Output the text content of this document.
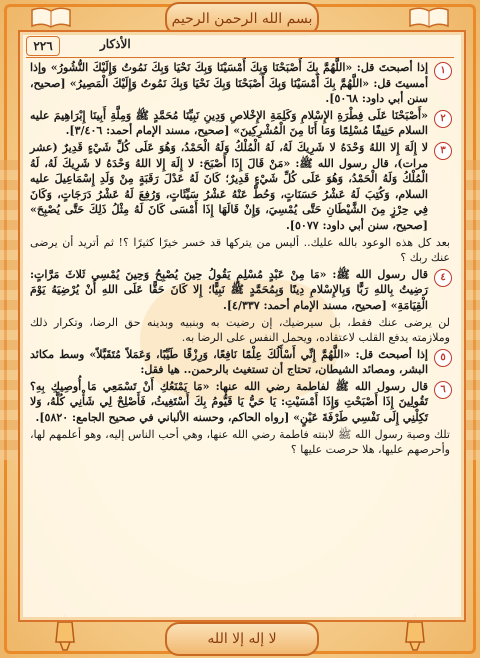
بسم الله الرحمن الرحيم
٢٢٦	الأذكار
١
إذا أصبحتَ قل: «اللَّهُمَّ بِكَ أَصْبَحْنَا وَبِكَ أَمْسَيْنَا وَبِكَ نَحْيَا وَبِكَ نَمُوتُ وَإِلَيْكَ النُّشُورُ» وإذا أمسيتَ قل: «اللَّهُمَّ بِكَ أَمْسَيْنَا وَبِكَ أَصْبَحْنَا وَبِكَ نَحْيَا وَبِكَ نَمُوتُ وَإِلَيْكَ الْمَصِيرُ» [صحيح، سنن أبي داود: ٥٠٦٨].
٢
«أَصْبَحْنَا عَلَى فِطْرَةِ الإِسْلامِ وَكَلِمَةِ الإِخْلاصِ وَدِينِ نَبِيِّنَا مُحَمَّدٍ ﷺ وَمِلَّةِ أَبِينَا إِبْرَاهِيمَ عليه السلام حَنِيفًا مُسْلِمًا وَمَا أَنَا مِنَ الْمُشْرِكِينَ» [صحيح، مسند الإمام أحمد: ٣/٤٠٦].
٣
لا إِلَهَ إِلا اللهُ وَحْدَهُ لا شَرِيكَ لَهُ، لَهُ الْمُلْكُ وَلَهُ الْحَمْدُ، وَهُوَ عَلَى كُلِّ شَيْءٍ قَدِيرٌ (عشر مرات)، قال رسول الله ﷺ: «مَنْ قَالَ إِذَا أَصْبَحَ: لا إِلَهَ إِلا اللهُ وَحْدَهُ لا شَرِيكَ لَهُ، لَهُ الْمُلْكُ وَلَهُ الْحَمْدُ، وَهُوَ عَلَى كُلِّ شَيْءٍ قَدِيرٌ؛ كَانَ لَهُ عَدْلَ رَقَبَةٍ مِنْ وَلَدِ إِسْمَاعِيلَ عليه السلام، وَكُتِبَ لَهُ عَشْرُ حَسَنَاتٍ، وَحُطَّ عَنْهُ عَشْرُ سَيِّئَاتٍ، وَرُفِعَ لَهُ عَشْرُ دَرَجَاتٍ، وَكَانَ فِي حِرْزٍ مِنَ الشَّيْطَانِ حَتَّى يُمْسِيَ، وَإِنْ قَالَهَا إِذَا أَمْسَى كَانَ لَهُ مِثْلُ ذَلِكَ حَتَّى يُصْبِحَ» [صحيح، سنن أبي داود: ٥٠٧٧].
بعد كل هذه الوعود بالله عليك.. أليس من يتركها قد خسر خيرًا كثيرًا ؟! ثم أتريد أن يرضى عنك ربك ؟
٤
قال رسول الله ﷺ: «مَا مِنْ عَبْدٍ مُسْلِمٍ يَقُولُ حِينَ يُصْبِحُ وَحِينَ يُمْسِي ثَلاثَ مَرَّاتٍ: رَضِيتُ بِاللهِ رَبًّا وَبِالإِسْلامِ دِينًا وَبِمُحَمَّدٍ ﷺ نَبِيًّا؛ إِلا كَانَ حَقًّا عَلَى اللهِ أَنْ يُرْضِيَهُ يَوْمَ الْقِيَامَةِ» [صحيح، مسند الإمام أحمد: ٤/٣٣٧].
لن يرضى عنك فقط، بل سيرضيك، إن رضيت به وبنبيه وبدينه حق الرضا، وتكرار ذلك وملازمته يدفع القلب لاعتقاده، ويحمل النفس على الرضا به.
٥
إذا أصبحتَ قل: «اللَّهُمَّ إِنِّي أَسْأَلُكَ عِلْمًا نَافِعًا، وَرِزْقًا طَيِّبًا، وَعَمَلاً مُتَقَبَّلاً» وسط مكائد البشر، ومصائد الشيطان، تحتاج أن تستغيث بالرحمن.. هيا فقل:
٦
قال رسول الله ﷺ لفاطمة رضي الله عنها: «مَا يَمْنَعُكِ أَنْ تَسْمَعِي مَا أُوصِيكِ بِهِ؟ تَقُولِينَ إِذَا أَصْبَحْتِ وَإِذَا أَمْسَيْتِ: يَا حَيُّ يَا قَيُّومُ بِكَ أَسْتَغِيثُ، فَأَصْلِحْ لِي شَأْنِي كُلَّهُ، وَلا تَكِلْنِي إِلَى نَفْسِي طَرْفَةَ عَيْنٍ» [رواه الحاكم، وحسنه الألباني في صحيح الجامع: ٥٨٢٠].
تلك وصية رسول الله ﷺ لابنته فاطمة رضي الله عنها، وهي أحب الناس إليه، وهو أعلمهم لها، وأحرصهم عليها، هلا حرصت عليها ؟
لا إله إلا الله
